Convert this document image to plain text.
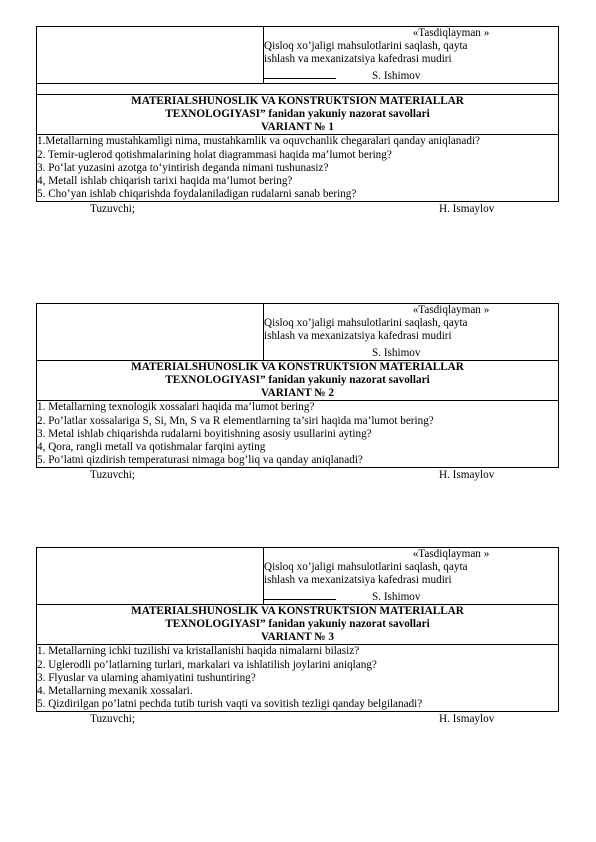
«Tasdiqlayman »
Qisloq xo’jaligi mahsulotlarini saqlash, qayta
ishlash va mexanizatsiya kafedrasi mudiri
S. Ishimov

MATERIALSHUNOSLIK VA KONSTRUKTSION MATERIALLAR
TEXNOLOGIYASI” fanidan yakuniy nazorat savollari
VARIANT № 1

1.Metallarning mustahkamligi nima, mustahkamlik va oquvchanlik chegaralari qanday aniqlanadi?
2. Temir-uglerod qotishmalarining holat diagrammasi haqida ma’lumot bering?
3. Po‘lat yuzasini azotga to‘yintirish deganda nimani tushunasiz?
4, Metall ishlab chiqarish tarixi haqida ma’lumot bering?
5. Cho’yan ishlab chiqarishda foydalaniladigan rudalarni sanab bering?
Tuzuvchi;	H. Ismaylov

«Tasdiqlayman »
Qisloq xo’jaligi mahsulotlarini saqlash, qayta
ishlash va mexanizatsiya kafedrasi mudiri
S. Ishimov

MATERIALSHUNOSLIK VA KONSTRUKTSION MATERIALLAR
TEXNOLOGIYASI” fanidan yakuniy nazorat savollari
VARIANT № 2

1. Metallarning texnologik xossalari haqida ma’lumot bering?
2. Po’latlar xossalariga S, Si, Mn, S va R elementlarning ta’siri haqida ma’lumot bering?
3. Metal ishlab chiqarishda rudalarni boyitishning asosiy usullarini ayting?
4, Qora, rangli metall va qotishmalar farqini ayting
5. Po’latni qizdirish temperaturasi nimaga bog’liq va qanday aniqlanadi?
Tuzuvchi;	H. Ismaylov

«Tasdiqlayman »
Qisloq xo’jaligi mahsulotlarini saqlash, qayta
ishlash va mexanizatsiya kafedrasi mudiri
S. Ishimov

MATERIALSHUNOSLIK VA KONSTRUKTSION MATERIALLAR
TEXNOLOGIYASI” fanidan yakuniy nazorat savollari
VARIANT № 3

1. Metallarning ichki tuzilishi va kristallanishi haqida nimalarni bilasiz?
2. Uglerodli po’latlarning turlari, markalari va ishlatilish joylarini aniqlang?
3. Flyuslar va ularning ahamiyatini tushuntiring?
4. Metallarning mexanik xossalari.
5. Qizdirilgan po’latni pechda tutib turish vaqti va sovitish tezligi qanday belgilanadi?
Tuzuvchi;	H. Ismaylov
